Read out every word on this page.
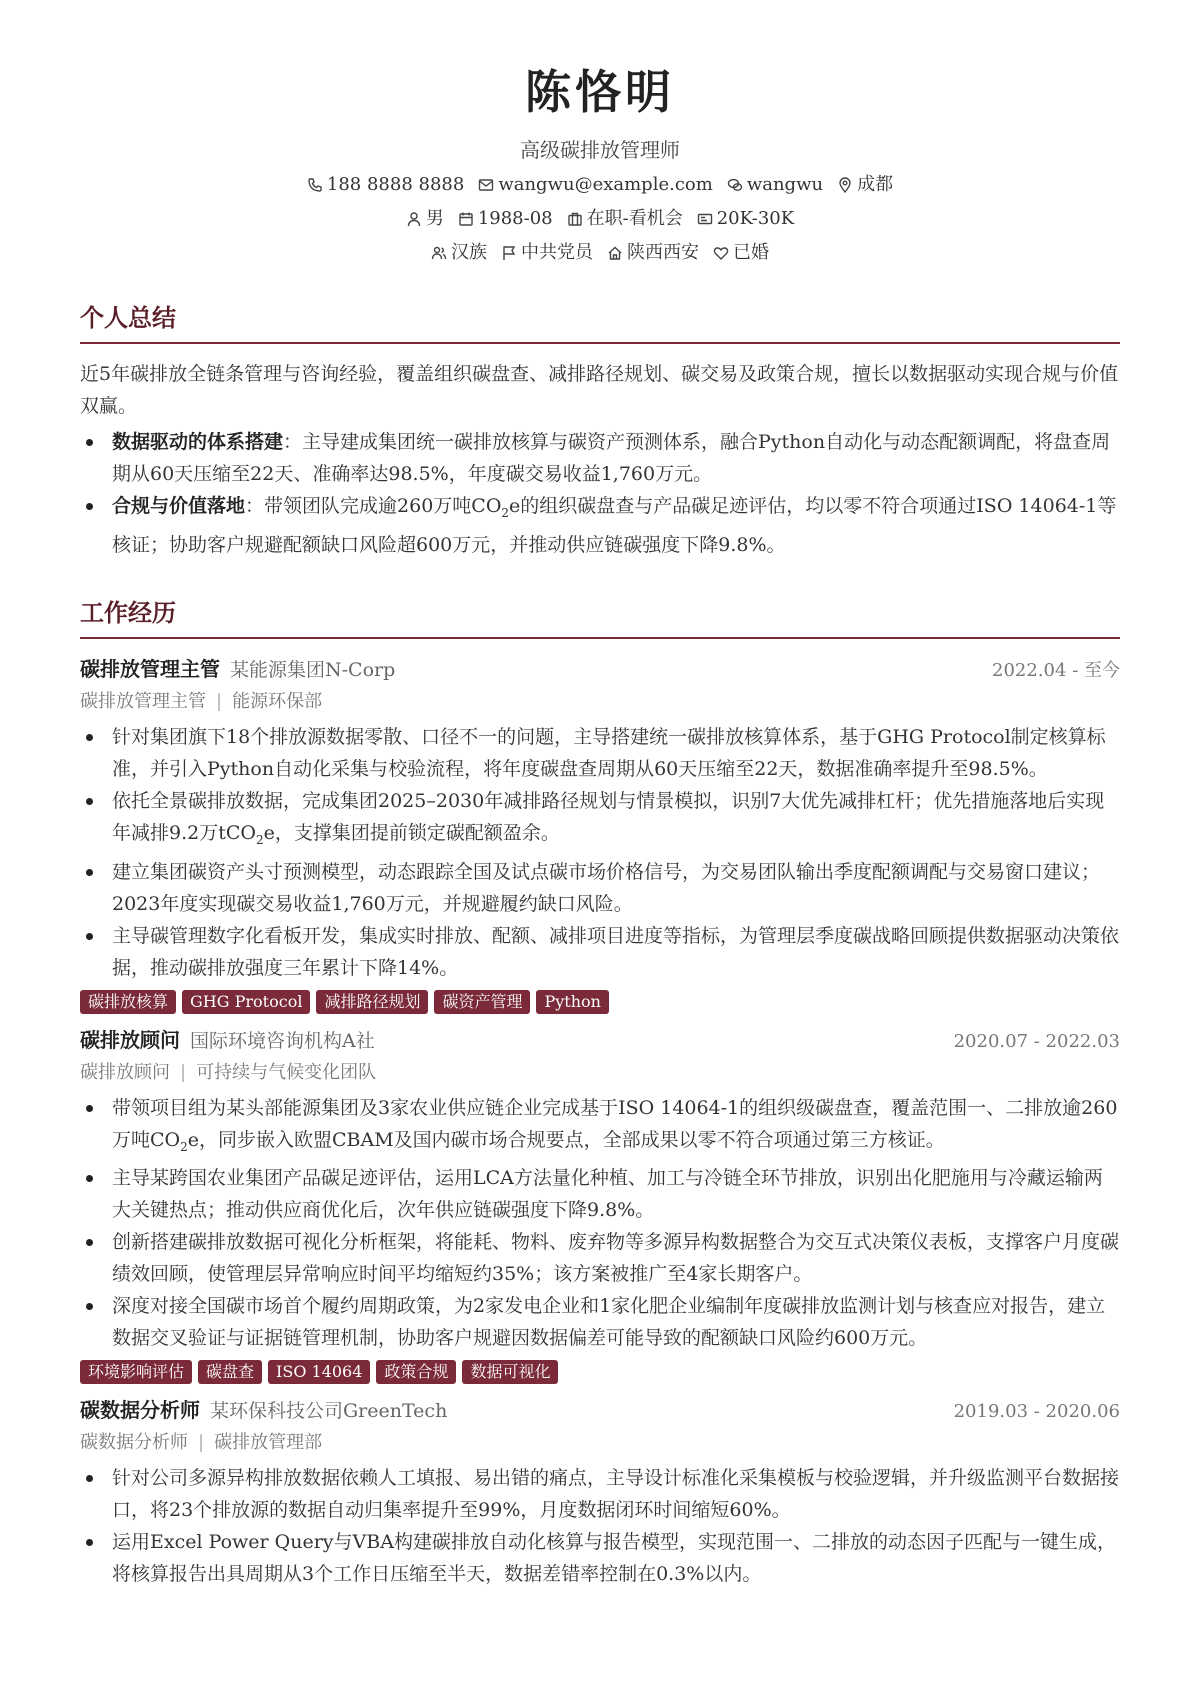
陈恪明
高级碳排放管理师
188 8888 8888 wangwu@example.com wangwu 成都
男 1988-08 在职-看机会 20K-30K
汉族 中共党员 陕西西安 已婚
个人总结

近5年碳排放全链条管理与咨询经验，覆盖组织碳盘查、减排路径规划、碳交易及政策合规，擅长以数据驱动实现合规与价值双赢。

数据驱动的体系搭建：主导建成集团统一碳排放核算与碳资产预测体系，融合Python自动化与动态配额调配，将盘查周期从60天压缩至22天、准确率达98.5%，年度碳交易收益1,760万元。
合规与价值落地：带领团队完成逾260万吨$CO_2e$的组织碳盘查与产品碳足迹评估，均以零不符合项通过ISO 14064-1等核证；协助客户规避配额缺口风险超600万元，并推动供应链碳强度下降9.8%。
工作经历
碳排放管理主管 某能源集团N-Corp	2022.04 - 至今
碳排放管理主管 | 能源环保部
针对集团旗下18个排放源数据零散、口径不一的问题，主导搭建统一碳排放核算体系，基于GHG Protocol制定核算标准，并引入Python自动化采集与校验流程，将年度碳盘查周期从60天压缩至22天，数据准确率提升至98.5%。
依托全景碳排放数据，完成集团2025–2030年减排路径规划与情景模拟，识别7大优先减排杠杆；优先措施落地后实现年减排9.2万tCO$_2$e，支撑集团提前锁定碳配额盈余。
建立集团碳资产头寸预测模型，动态跟踪全国及试点碳市场价格信号，为交易团队输出季度配额调配与交易窗口建议；2023年度实现碳交易收益1,760万元，并规避履约缺口风险。
主导碳管理数字化看板开发，集成实时排放、配额、减排项目进度等指标，为管理层季度碳战略回顾提供数据驱动决策依据，推动碳排放强度三年累计下降14%。
碳排放核算	GHG Protocol	减排路径规划	碳资产管理	Python
碳排放顾问 国际环境咨询机构A社	2020.07 - 2022.03
碳排放顾问 | 可持续与气候变化团队
带领项目组为某头部能源集团及3家农业供应链企业完成基于ISO 14064-1的组织级碳盘查，覆盖范围一、二排放逾260万吨$CO_2e$，同步嵌入欧盟CBAM及国内碳市场合规要点，全部成果以零不符合项通过第三方核证。
主导某跨国农业集团产品碳足迹评估，运用LCA方法量化种植、加工与冷链全环节排放，识别出化肥施用与冷藏运输两大关键热点；推动供应商优化后，次年供应链碳强度下降9.8%。
创新搭建碳排放数据可视化分析框架，将能耗、物料、废弃物等多源异构数据整合为交互式决策仪表板，支撑客户月度碳绩效回顾，使管理层异常响应时间平均缩短约35%；该方案被推广至4家长期客户。
深度对接全国碳市场首个履约周期政策，为2家发电企业和1家化肥企业编制年度碳排放监测计划与核查应对报告，建立数据交叉验证与证据链管理机制，协助客户规避因数据偏差可能导致的配额缺口风险约600万元。
环境影响评估	碳盘查	ISO 14064	政策合规	数据可视化
碳数据分析师 某环保科技公司GreenTech	2019.03 - 2020.06
碳数据分析师 | 碳排放管理部
针对公司多源异构排放数据依赖人工填报、易出错的痛点，主导设计标准化采集模板与校验逻辑，并升级监测平台数据接口，将23个排放源的数据自动归集率提升至99%，月度数据闭环时间缩短60%。
运用Excel Power Query与VBA构建碳排放自动化核算与报告模型，实现范围一、二排放的动态因子匹配与一键生成，将核算报告出具周期从3个工作日压缩至半天，数据差错率控制在0.3%以内。
